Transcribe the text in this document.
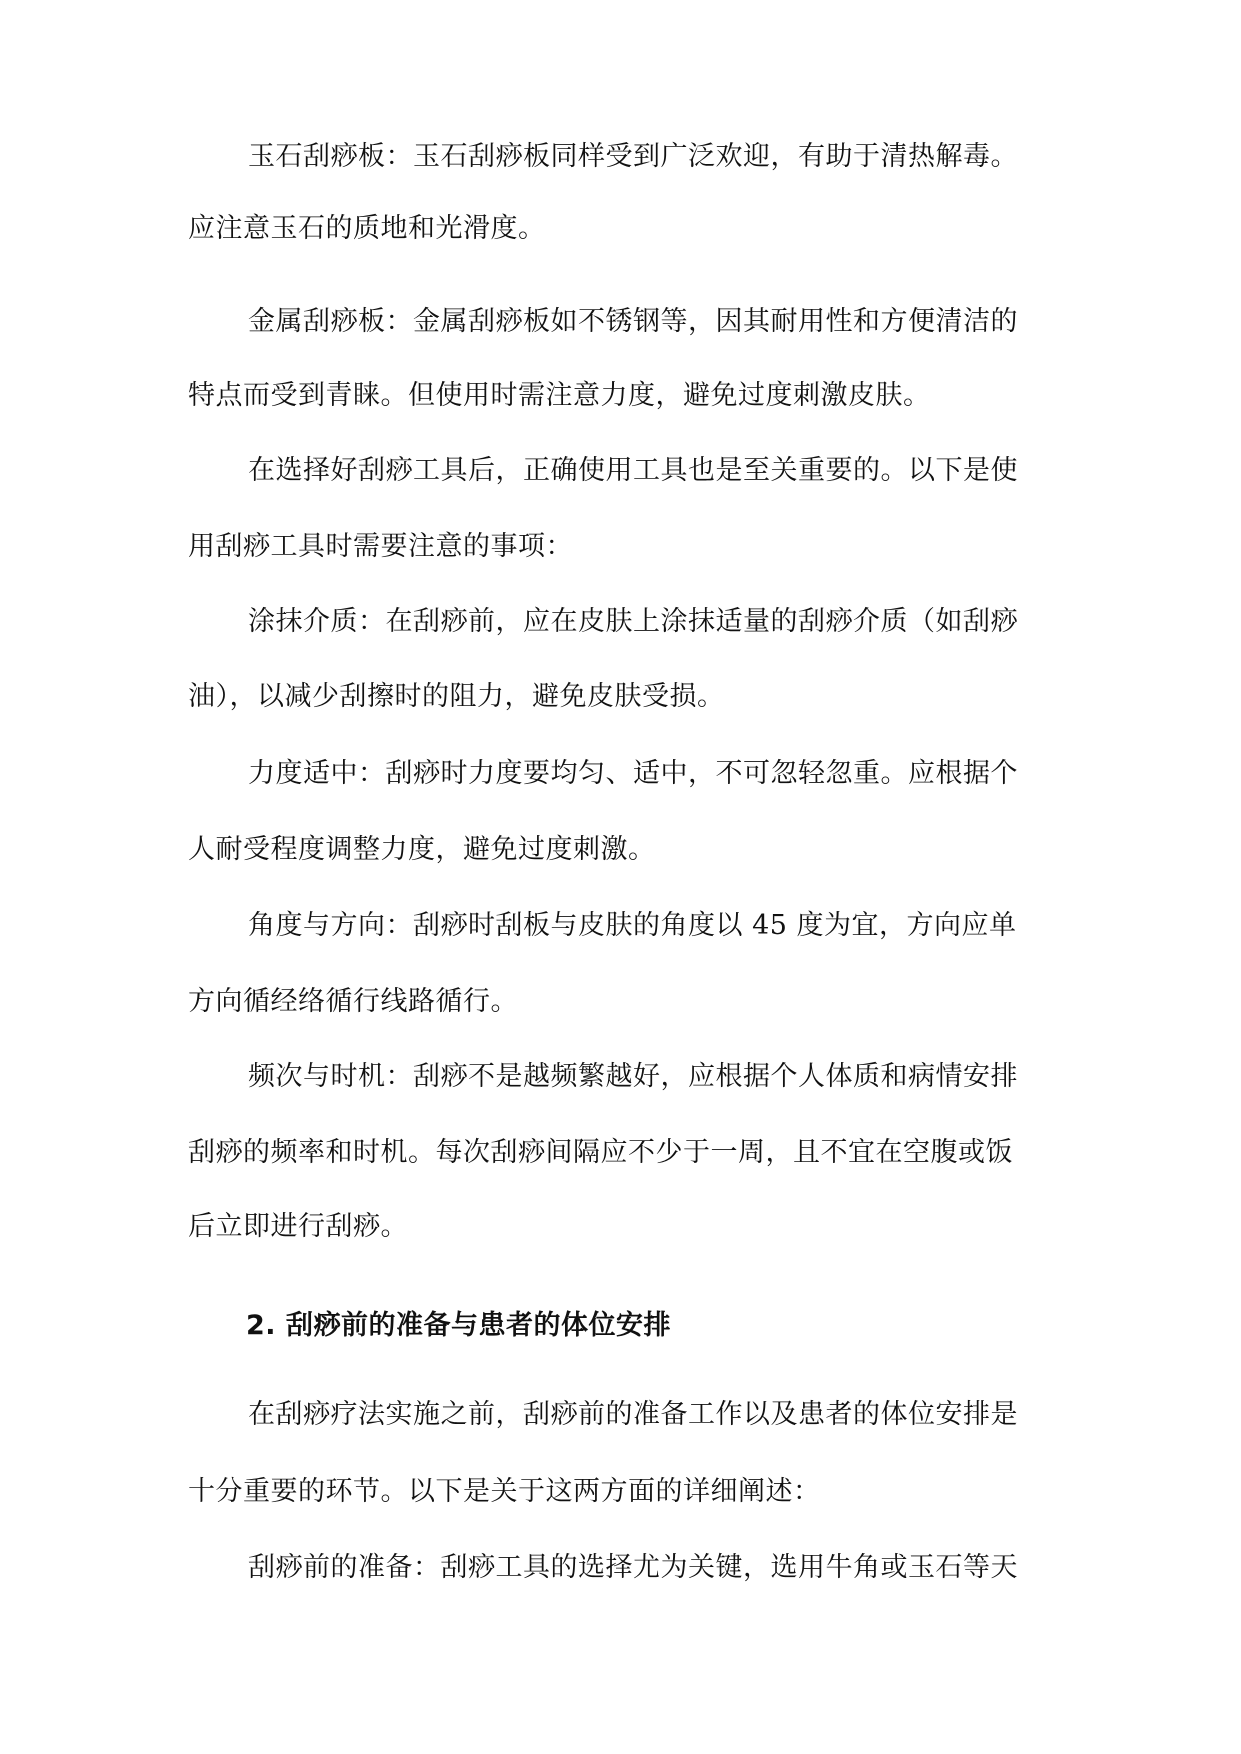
玉石刮痧板：玉石刮痧板同样受到广泛欢迎，有助于清热解毒。
应注意玉石的质地和光滑度。
金属刮痧板：金属刮痧板如不锈钢等，因其耐用性和方便清洁的
特点而受到青睐。但使用时需注意力度，避免过度刺激皮肤。
在选择好刮痧工具后，正确使用工具也是至关重要的。以下是使
用刮痧工具时需要注意的事项：
涂抹介质：在刮痧前，应在皮肤上涂抹适量的刮痧介质（如刮痧
油），以减少刮擦时的阻力，避免皮肤受损。
力度适中：刮痧时力度要均匀、适中，不可忽轻忽重。应根据个
人耐受程度调整力度，避免过度刺激。
角度与方向：刮痧时刮板与皮肤的角度以 45 度为宜，方向应单
方向循经络循行线路循行。
频次与时机：刮痧不是越频繁越好，应根据个人体质和病情安排
刮痧的频率和时机。每次刮痧间隔应不少于一周，且不宜在空腹或饭
后立即进行刮痧。
2. 刮痧前的准备与患者的体位安排
在刮痧疗法实施之前，刮痧前的准备工作以及患者的体位安排是
十分重要的环节。以下是关于这两方面的详细阐述：
刮痧前的准备：刮痧工具的选择尤为关键，选用牛角或玉石等天
